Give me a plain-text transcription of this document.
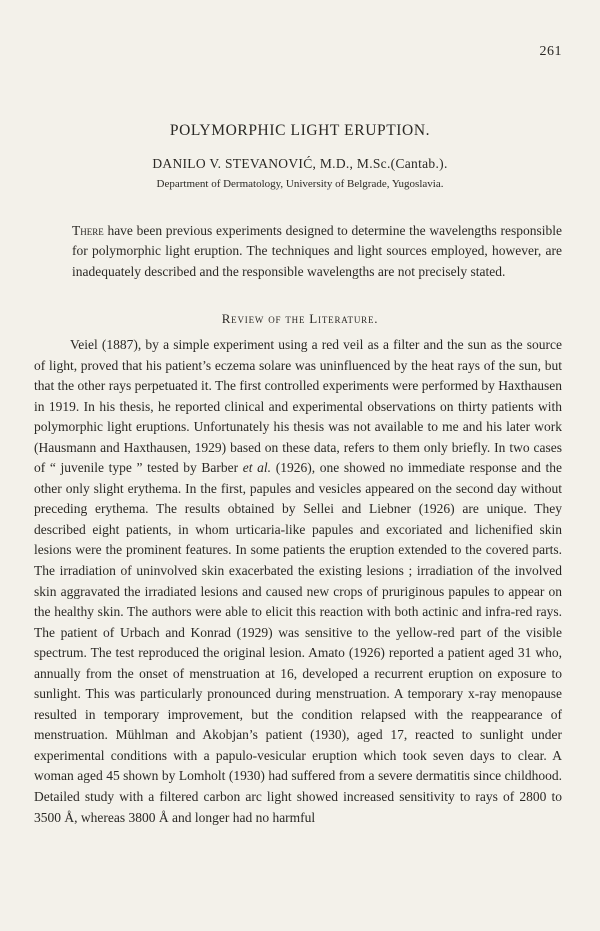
261
POLYMORPHIC LIGHT ERUPTION.
DANILO V. STEVANOVIĆ, M.D., M.Sc.(Cantab.).
Department of Dermatology, University of Belgrade, Yugoslavia.

There have been previous experiments designed to determine the wavelengths responsible for polymorphic light eruption. The techniques and light sources employed, however, are inadequately described and the responsible wavelengths are not precisely stated.

Review of the Literature.

Veiel (1887), by a simple experiment using a red veil as a filter and the sun as the source of light, proved that his patient’s eczema solare was uninfluenced by the heat rays of the sun, but that the other rays perpetuated it. The first controlled experiments were performed by Haxthausen in 1919. In his thesis, he reported clinical and experimental observations on thirty patients with polymorphic light eruptions. Unfortunately his thesis was not available to me and his later work (Hausmann and Haxthausen, 1929) based on these data, refers to them only briefly. In two cases of “ juvenile type ” tested by Barber et al. (1926), one showed no immediate response and the other only slight erythema. In the first, papules and vesicles appeared on the second day without preceding erythema. The results obtained by Sellei and Liebner (1926) are unique. They described eight patients, in whom urticaria-like papules and excoriated and lichenified skin lesions were the prominent features. In some patients the eruption extended to the covered parts. The irradiation of uninvolved skin exacerbated the existing lesions ; irradiation of the involved skin aggravated the irradiated lesions and caused new crops of pruriginous papules to appear on the healthy skin. The authors were able to elicit this reaction with both actinic and infra-red rays. The patient of Urbach and Konrad (1929) was sensitive to the yellow-red part of the visible spectrum. The test reproduced the original lesion. Amato (1926) reported a patient aged 31 who, annually from the onset of menstruation at 16, developed a recurrent eruption on exposure to sunlight. This was particularly pronounced during menstruation. A temporary x-ray menopause resulted in temporary improvement, but the condition relapsed with the reappearance of menstruation. Mühlman and Akobjan’s patient (1930), aged 17, reacted to sunlight under experimental conditions with a papulo-vesicular eruption which took seven days to clear. A woman aged 45 shown by Lomholt (1930) had suffered from a severe dermatitis since childhood. Detailed study with a filtered carbon arc light showed increased sensitivity to rays of 2800 to 3500 Å, whereas 3800 Å and longer had no harmful
